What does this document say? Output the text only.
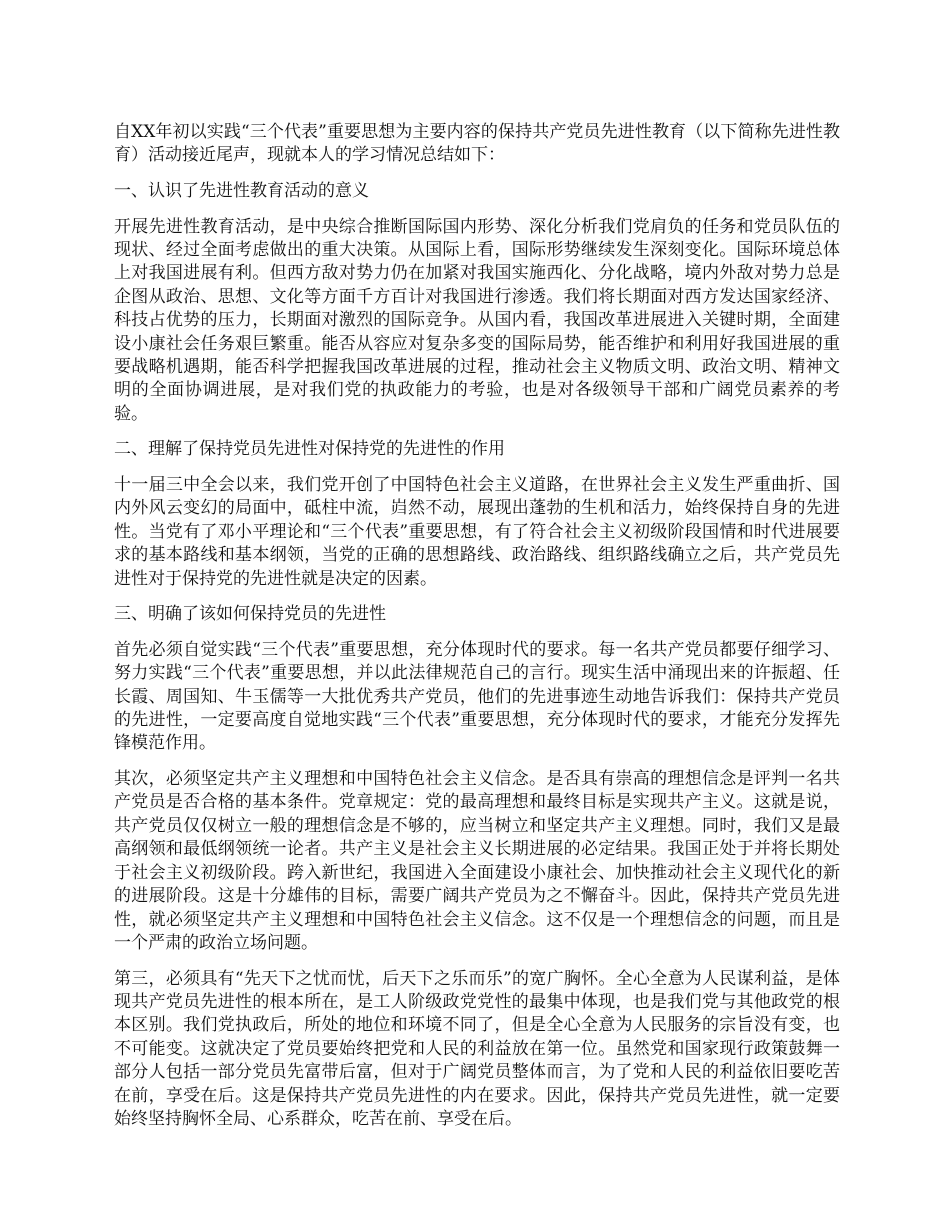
自XX年初以实践“三个代表”重要思想为主要内容的保持共产党员先进性教育（以下简称先进性教育）活动接近尾声，现就本人的学习情况总结如下：

一、认识了先进性教育活动的意义

开展先进性教育活动，是中央综合推断国际国内形势、深化分析我们党肩负的任务和党员队伍的现状、经过全面考虑做出的重大决策。从国际上看，国际形势继续发生深刻变化。国际环境总体上对我国进展有利。但西方敌对势力仍在加紧对我国实施西化、分化战略，境内外敌对势力总是企图从政治、思想、文化等方面千方百计对我国进行渗透。我们将长期面对西方发达国家经济、科技占优势的压力，长期面对激烈的国际竞争。从国内看，我国改革进展进入关键时期，全面建设小康社会任务艰巨繁重。能否从容应对复杂多变的国际局势，能否维护和利用好我国进展的重要战略机遇期，能否科学把握我国改革进展的过程，推动社会主义物质文明、政治文明、精神文明的全面协调进展，是对我们党的执政能力的考验，也是对各级领导干部和广阔党员素养的考验。

二、理解了保持党员先进性对保持党的先进性的作用

十一届三中全会以来，我们党开创了中国特色社会主义道路，在世界社会主义发生严重曲折、国内外风云变幻的局面中，砥柱中流，岿然不动，展现出蓬勃的生机和活力，始终保持自身的先进性。当党有了邓小平理论和“三个代表”重要思想，有了符合社会主义初级阶段国情和时代进展要求的基本路线和基本纲领，当党的正确的思想路线、政治路线、组织路线确立之后，共产党员先进性对于保持党的先进性就是决定的因素。

三、明确了该如何保持党员的先进性

首先必须自觉实践“三个代表”重要思想，充分体现时代的要求。每一名共产党员都要仔细学习、努力实践“三个代表”重要思想，并以此法律规范自己的言行。现实生活中涌现出来的许振超、任长霞、周国知、牛玉儒等一大批优秀共产党员，他们的先进事迹生动地告诉我们：保持共产党员的先进性，一定要高度自觉地实践“三个代表”重要思想，充分体现时代的要求，才能充分发挥先锋模范作用。

其次，必须坚定共产主义理想和中国特色社会主义信念。是否具有崇高的理想信念是评判一名共产党员是否合格的基本条件。党章规定：党的最高理想和最终目标是实现共产主义。这就是说，共产党员仅仅树立一般的理想信念是不够的，应当树立和坚定共产主义理想。同时，我们又是最高纲领和最低纲领统一论者。共产主义是社会主义长期进展的必定结果。我国正处于并将长期处于社会主义初级阶段。跨入新世纪，我国进入全面建设小康社会、加快推动社会主义现代化的新的进展阶段。这是十分雄伟的目标，需要广阔共产党员为之不懈奋斗。因此，保持共产党员先进性，就必须坚定共产主义理想和中国特色社会主义信念。这不仅是一个理想信念的问题，而且是一个严肃的政治立场问题。

第三，必须具有“先天下之忧而忧，后天下之乐而乐”的宽广胸怀。全心全意为人民谋利益，是体现共产党员先进性的根本所在，是工人阶级政党党性的最集中体现，也是我们党与其他政党的根本区别。我们党执政后，所处的地位和环境不同了，但是全心全意为人民服务的宗旨没有变，也不可能变。这就决定了党员要始终把党和人民的利益放在第一位。虽然党和国家现行政策鼓舞一部分人包括一部分党员先富带后富，但对于广阔党员整体而言，为了党和人民的利益依旧要吃苦在前，享受在后。这是保持共产党员先进性的内在要求。因此，保持共产党员先进性，就一定要始终坚持胸怀全局、心系群众，吃苦在前、享受在后。
